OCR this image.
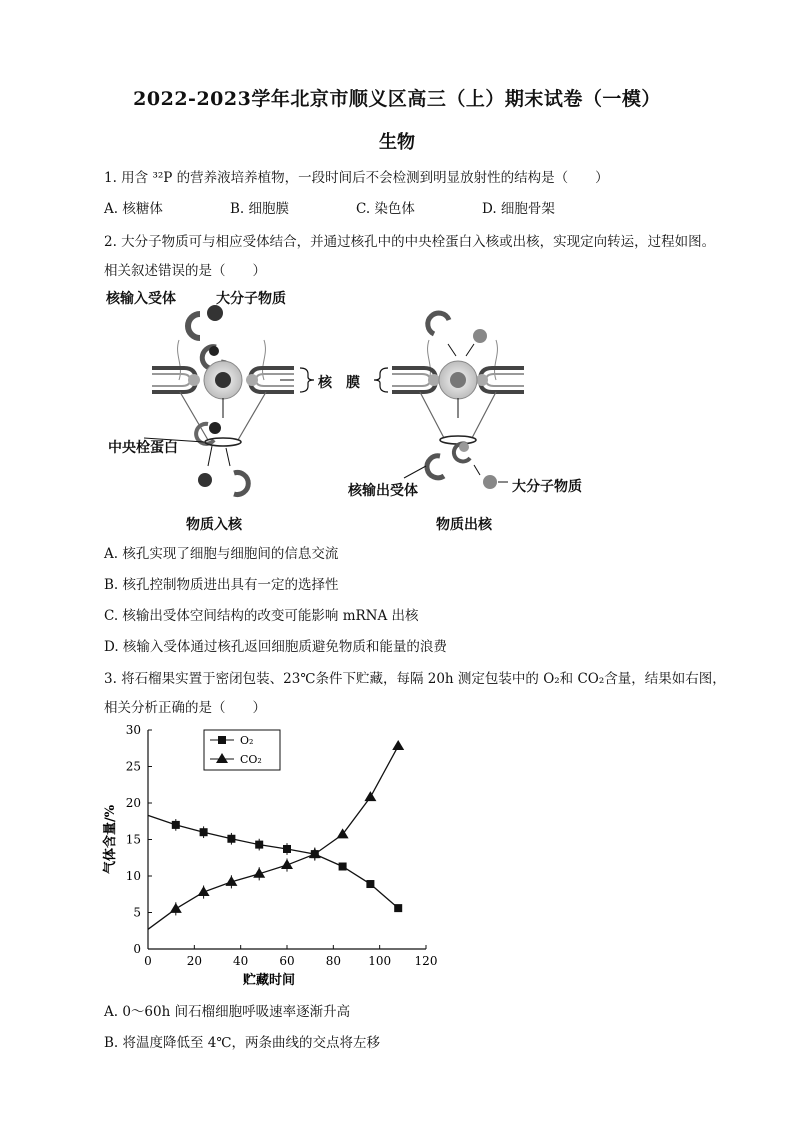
2022-2023学年北京市顺义区高三（上）期末试卷（一模）
生物
1. 用含 ³²P 的营养液培养植物，一段时间后不会检测到明显放射性的结构是（　　）
A. 核糖体	B. 细胞膜	C. 染色体	D. 细胞骨架
2. 大分子物质可与相应受体结合，并通过核孔中的中央栓蛋白入核或出核，实现定向转运，过程如图。
相关叙述错误的是（　　）
核输入受体	大分子物质
核　膜
中央栓蛋白
核输出受体	大分子物质
物质入核	物质出核
A. 核孔实现了细胞与细胞间的信息交流
B. 核孔控制物质进出具有一定的选择性
C. 核输出受体空间结构的改变可能影响 mRNA 出核
D. 核输入受体通过核孔返回细胞质避免物质和能量的浪费
3. 将石榴果实置于密闭包装、23℃条件下贮藏，每隔 20h 测定包装中的 O₂和 CO₂含量，结果如右图，
相关分析正确的是（　　）
0
5
10
15
20
25
30
0	20	40	60	80 100 120
贮藏时间
气体含量/%
O₂
CO₂
A. 0～60h 间石榴细胞呼吸速率逐渐升高
B. 将温度降低至 4℃，两条曲线的交点将左移
